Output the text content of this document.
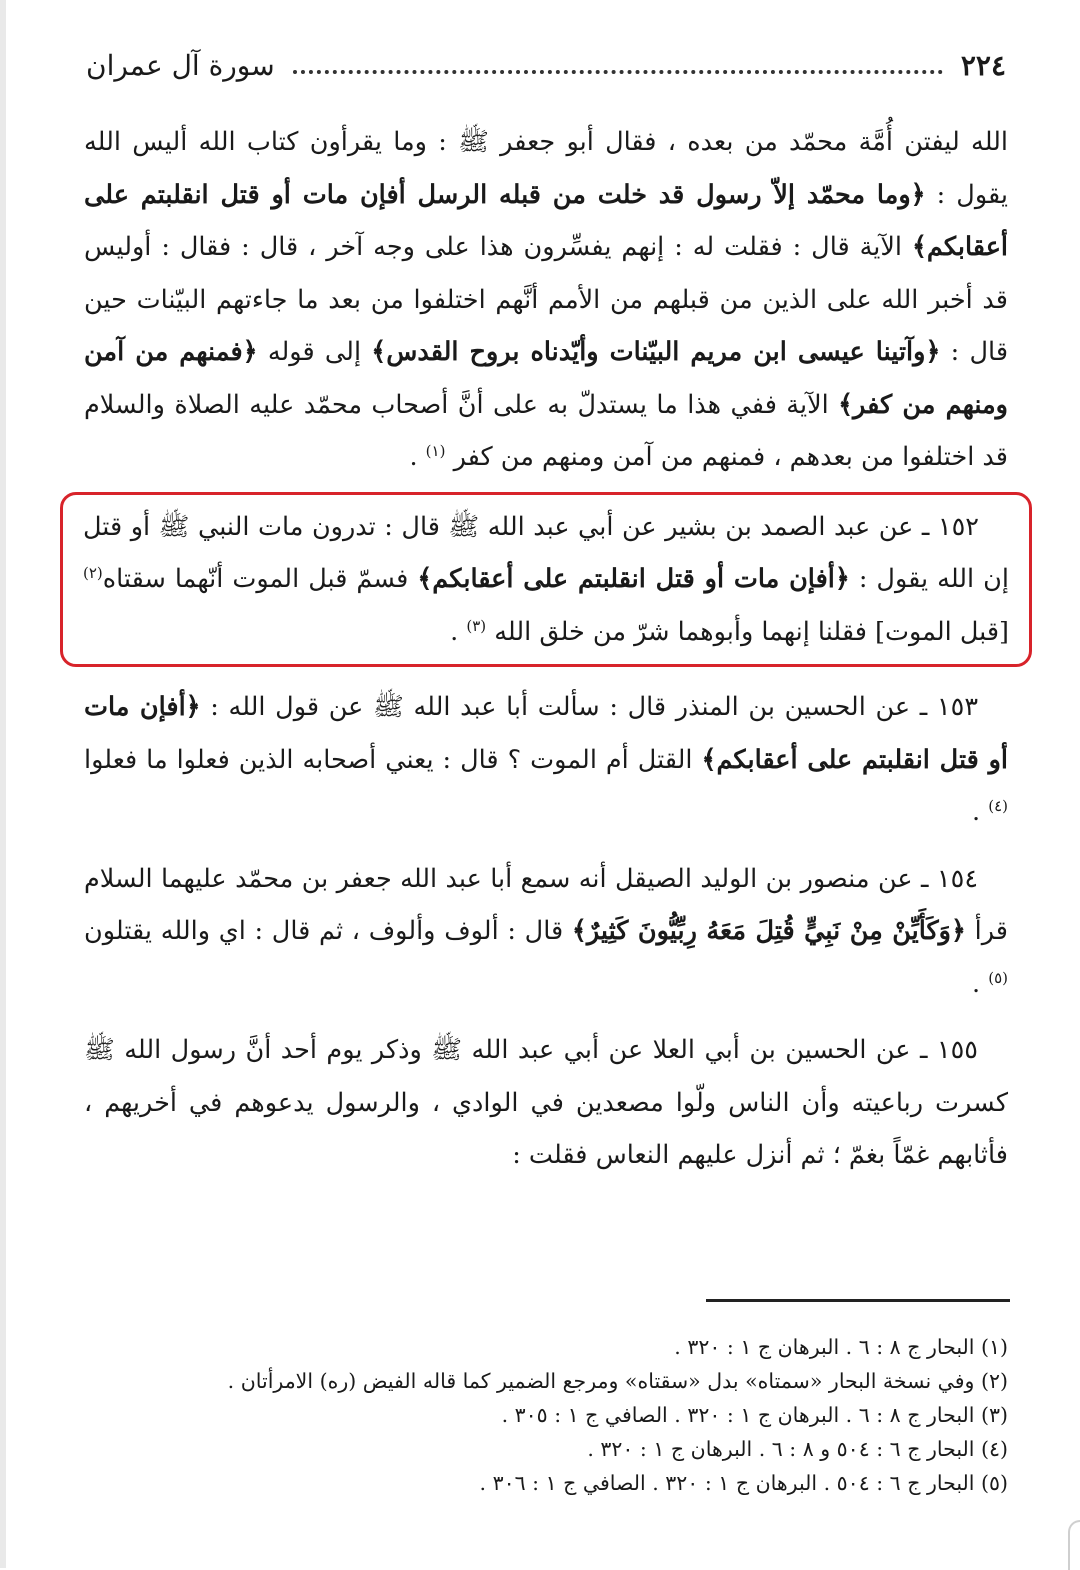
٢٢٤
سورة آل عمران

الله ليفتن أُمَّة محمّد من بعده ، فقال أبو جعفر ﷺ : وما يقرأون كتاب الله أليس الله يقول : ﴿وما محمّد إلاّ رسول قد خلت من قبله الرسل أفإن مات أو قتل انقلبتم على أعقابكم﴾ الآية قال : فقلت له : إنهم يفسِّرون هذا على وجه آخر ، قال : فقال : أوليس قد أخبر الله على الذين من قبلهم من الأمم أنَّهم اختلفوا من بعد ما جاءتهم البيّنات حين قال : ﴿وآتينا عيسى ابن مريم البيّنات وأيّدناه بروح القدس﴾ إلى قوله ﴿فمنهم من آمن ومنهم من كفر﴾ الآية ففي هذا ما يستدلّ به على أنَّ أصحاب محمّد عليه الصلاة والسلام قد اختلفوا من بعدهم ، فمنهم من آمن ومنهم من كفر $^{(١)}$ .

١٥٢ ـ عن عبد الصمد بن بشير عن أبي عبد الله ﷺ قال : تدرون مات النبي ﷺ أو قتل إن الله يقول : ﴿أفإن مات أو قتل انقلبتم على أعقابكم﴾ فسمّ قبل الموت أنّهما سقتاه$^{(٢)}$ [قبل الموت] فقلنا إنهما وأبوهما شرّ من خلق الله $^{(٣)}$ .

١٥٣ ـ عن الحسين بن المنذر قال : سألت أبا عبد الله ﷺ عن قول الله : ﴿أفإن مات أو قتل انقلبتم على أعقابكم﴾ القتل أم الموت ؟ قال : يعني أصحابه الذين فعلوا ما فعلوا $^{(٤)}$ .

١٥٤ ـ عن منصور بن الوليد الصيقل أنه سمع أبا عبد الله جعفر بن محمّد عليهما السلام قرأ ﴿وَكَأَيِّنْ مِنْ نَبِيٍّ قُتِلَ مَعَهُ رِبِّيُّونَ كَثِيرٌ﴾ قال : ألوف وألوف ، ثم قال : اي والله يقتلون $^{(٥)}$ .

١٥٥ ـ عن الحسين بن أبي العلا عن أبي عبد الله ﷺ وذكر يوم أحد أنَّ رسول الله ﷺ كسرت رباعيته وأن الناس ولّوا مصعدين في الوادي ، والرسول يدعوهم في أخريهم ، فأثابهم غمّاً بغمّ ؛ ثم أنزل عليهم النعاس فقلت :

(١) البحار ج ٨ : ٦ . البرهان ج ١ : ٣٢٠ .
(٢) وفي نسخة البحار «سمتاه» بدل «سقتاه» ومرجع الضمير كما قاله الفيض (ره) الامرأتان .
(٣) البحار ج ٨ : ٦ . البرهان ج ١ : ٣٢٠ . الصافي ج ١ : ٣٠٥ .
(٤) البحار ج ٦ : ٥٠٤ و ٨ : ٦ . البرهان ج ١ : ٣٢٠ .
(٥) البحار ج ٦ : ٥٠٤ . البرهان ج ١ : ٣٢٠ . الصافي ج ١ : ٣٠٦ .
